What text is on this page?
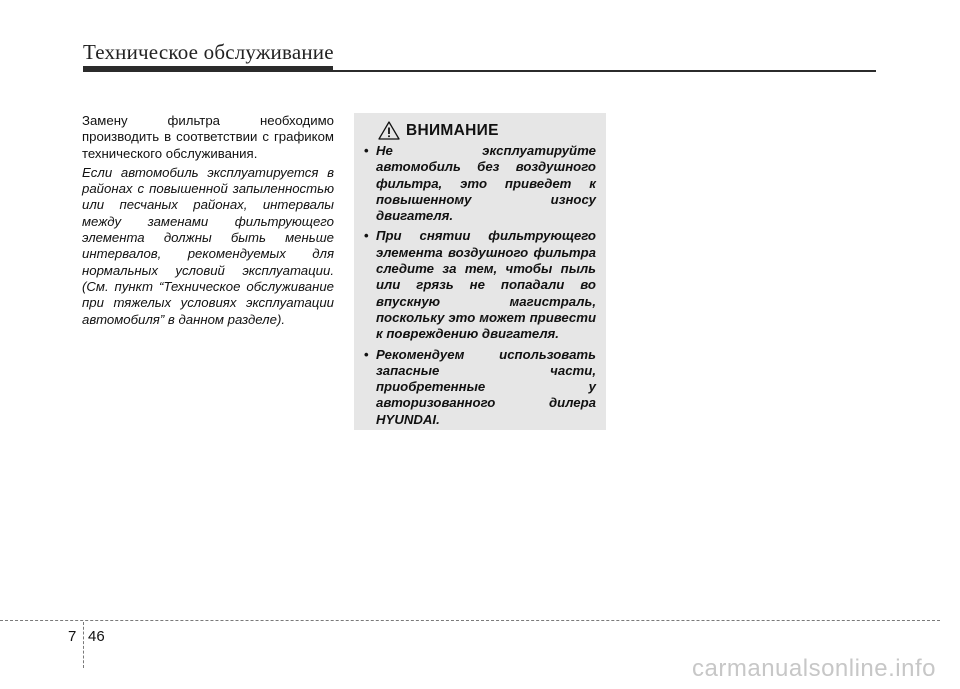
Техническое обслуживание

Замену фильтра необходимо производить в соответствии с графиком технического обслуживания.

Если автомобиль эксплуатируется в районах с повышенной запыленностью или песчаных районах, интервалы между заменами фильтрующего элемента должны быть меньше интервалов, рекомендуемых для нормальных условий эксплуатации. (См. пункт “Техническое обслуживание при тяжелых условиях эксплуатации автомобиля” в данном разделе).

ВНИМАНИЕ
• Не эксплуатируйте автомобиль без воздушного фильтра, это приведет к повышенному износу двигателя.
• При снятии фильтрующего элемента воздушного фильтра следите за тем, чтобы пыль или грязь не попадали во впускную магистраль, поскольку это может привести к повреждению двигателя.
• Рекомендуем использовать запасные части, приобретенные у авторизованного дилера HYUNDAI.
7 46
carmanualsonline.info
